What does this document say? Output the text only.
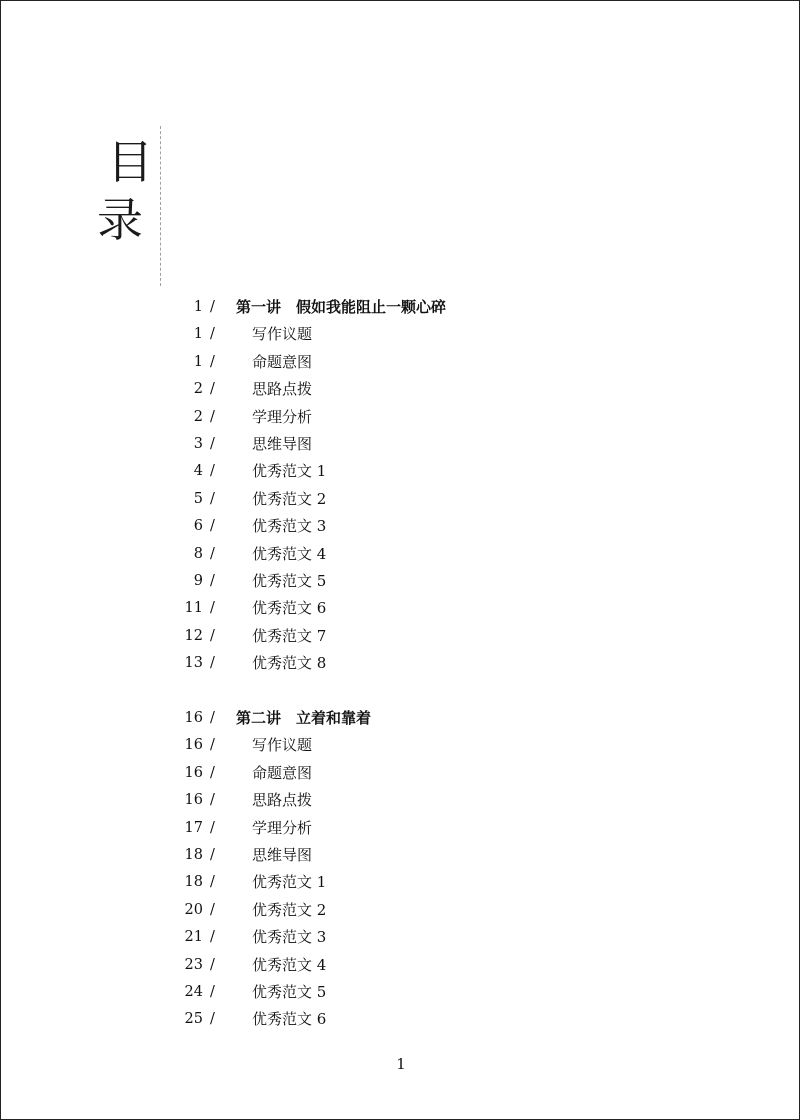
目
录
1 / 第一讲　假如我能阻止一颗心碎
1 / 写作议题
1 / 命题意图
2 / 思路点拨
2 / 学理分析
3 / 思维导图
4 / 优秀范文 1
5 / 优秀范文 2
6 / 优秀范文 3
8 / 优秀范文 4
9 / 优秀范文 5
11 / 优秀范文 6
12 / 优秀范文 7
13 / 优秀范文 8
16 / 第二讲　立着和靠着
16 / 写作议题
16 / 命题意图
16 / 思路点拨
17 / 学理分析
18 / 思维导图
18 / 优秀范文 1
20 / 优秀范文 2
21 / 优秀范文 3
23 / 优秀范文 4
24 / 优秀范文 5
25 / 优秀范文 6
1
